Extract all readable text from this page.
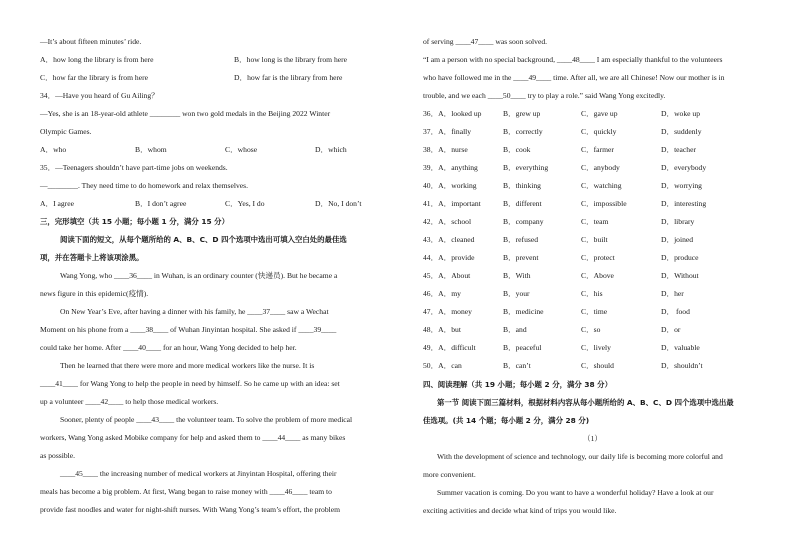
—It’s about fifteen minutes’ ride.
A．how long the library is from here	B．how long is the library from here
C．how far the library is from here	D．how far is the library from here
34．—Have you heard of Gu Ailing？
—Yes, she is an 18-year-old athlete ________ won two gold medals in the Beijing 2022 Winter
Olympic Games.
A．who	B．whom	C．whose	D．which
35．—Teenagers shouldn’t have part-time jobs on weekends.
—________. They need time to do homework and relax themselves.
A．I agree	B．I don’t agree	C．Yes, I do	D．No, I don’t
三，完形填空（共 15 小题；每小题 1 分，满分 15 分）
阅读下面的短文，从每个题所给的 A、B、C、D 四个选项中选出可填入空白处的最佳选
项，并在答题卡上将该项涂黑。
Wang Yong, who ____36____ in Wuhan, is an ordinary counter (快递员). But he became a
news figure in this epidemic(疫情).
On New Year’s Eve, after having a dinner with his family, he ____37____ saw a Wechat
Moment on his phone from a ____38____ of Wuhan Jinyintan hospital. She asked if ____39____
could take her home. After ____40____ for an hour, Wang Yong decided to help her.
Then he learned that there were more and more medical workers like the nurse. It is
____41____ for Wang Yong to help the people in need by himself. So he came up with an idea: set
up a volunteer ____42____ to help those medical workers.
Sooner, plenty of people ____43____ the volunteer team. To solve the problem of more medical
workers, Wang Yong asked Mobike company for help and asked them to ____44____ as many bikes
as possible.
____45____ the increasing number of medical workers at Jinyintan Hospital, offering their
meals has become a big problem. At first, Wang began to raise money with ____46____ team to
provide fast noodles and water for night-shift nurses. With Wang Yong’s team’s effort, the problem
of serving ____47____ was soon solved.
“I am a person with no special background, ____48____ I am especially thankful to the volunteers
who have followed me in the ____49____ time. After all, we are all Chinese! Now our mother is in
trouble, and we each ____50____ try to play a role.” said Wang Yong excitedly.
36．A．looked up	B．grew up	C．gave up	D．woke up
37．A．finally	B．correctly	C．quickly	D．suddenly
38．A．nurse	B．cook	C．farmer	D．teacher
39．A．anything	B．everything	C．anybody	D．everybody
40．A．working	B．thinking	C．watching	D．worrying
41．A．important	B．different	C．impossible	D．interesting
42．A．school	B．company	C．team	D．library
43．A．cleaned	B．refused	C．built	D．joined
44．A．provide	B．prevent	C．protect	D．produce
45．A．About	B．With	C．Above	D．Without
46．A．my	B．your	C．his	D．her
47．A．money	B．medicine	C．time	D． food
48．A．but	B．and	C．so	D．or
49．A．difficult	B．peaceful	C．lively	D．valuable
50．A．can	B．can’t	C．should	D．shouldn’t
四、阅读理解（共 19 小题；每小题 2 分，满分 38 分）
第一节 阅读下面三篇材料，根据材料内容从每小题所给的 A、B、C、D 四个选项中选出最
佳选项。(共 14 个题；每小题 2 分，满分 28 分)
（1）
With the development of science and technology, our daily life is becoming more colorful and
more convenient.
Summer vacation is coming. Do you want to have a wonderful holiday? Have a look at our
exciting activities and decide what kind of trips you would like.
